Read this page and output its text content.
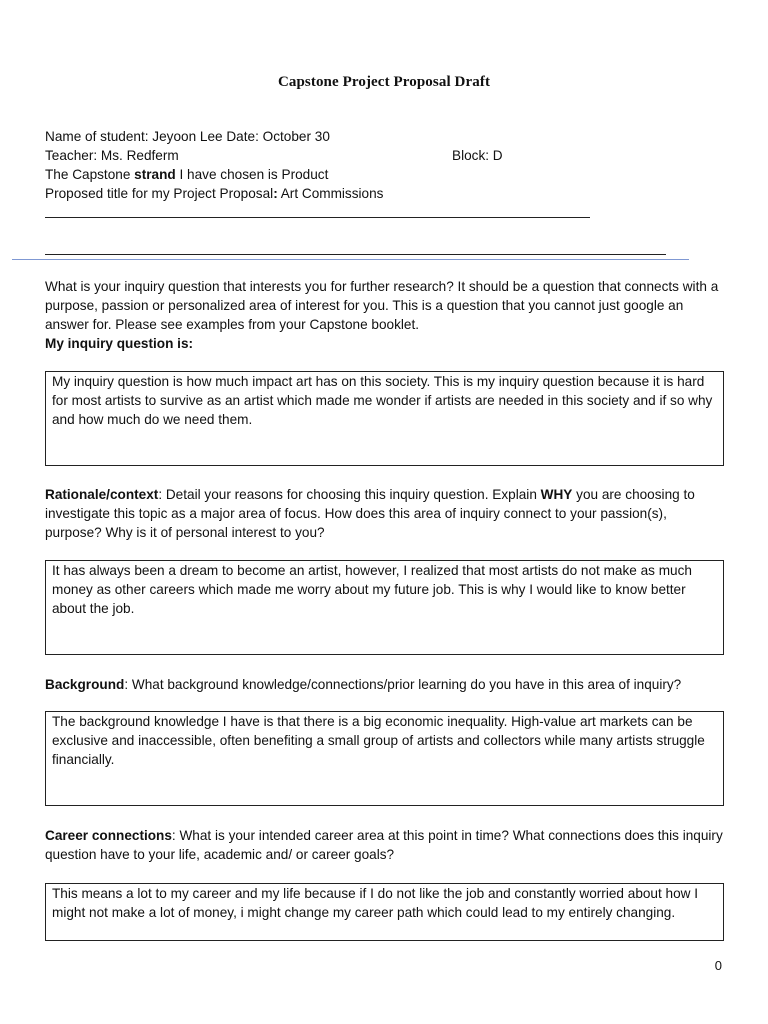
Capstone Project Proposal Draft
Name of student: Jeyoon Lee Date: October 30
Teacher: Ms. Redferm	Block: D
The Capstone strand I have chosen is Product
Proposed title for my Project Proposal: Art Commissions
What is your inquiry question that interests you for further research? It should be a question that connects with a purpose, passion or personalized area of interest for you. This is a question that you cannot just google an answer for. Please see examples from your Capstone booklet.
My inquiry question is:
My inquiry question is how much impact art has on this society. This is my inquiry question because it is hard for most artists to survive as an artist which made me wonder if artists are needed in this society and if so why and how much do we need them.
Rationale/context: Detail your reasons for choosing this inquiry question. Explain WHY you are choosing to investigate this topic as a major area of focus. How does this area of inquiry connect to your passion(s), purpose? Why is it of personal interest to you?
It has always been a dream to become an artist, however, I realized that most artists do not make as much money as other careers which made me worry about my future job. This is why I would like to know better about the job.
Background: What background knowledge/connections/prior learning do you have in this area of inquiry?
The background knowledge I have is that there is a big economic inequality. High-value art markets can be exclusive and inaccessible, often benefiting a small group of artists and collectors while many artists struggle financially.
Career connections: What is your intended career area at this point in time? What connections does this inquiry question have to your life, academic and/ or career goals?
This means a lot to my career and my life because if I do not like the job and constantly worried about how I might not make a lot of money, i might change my career path which could lead to my entirely changing.
0
